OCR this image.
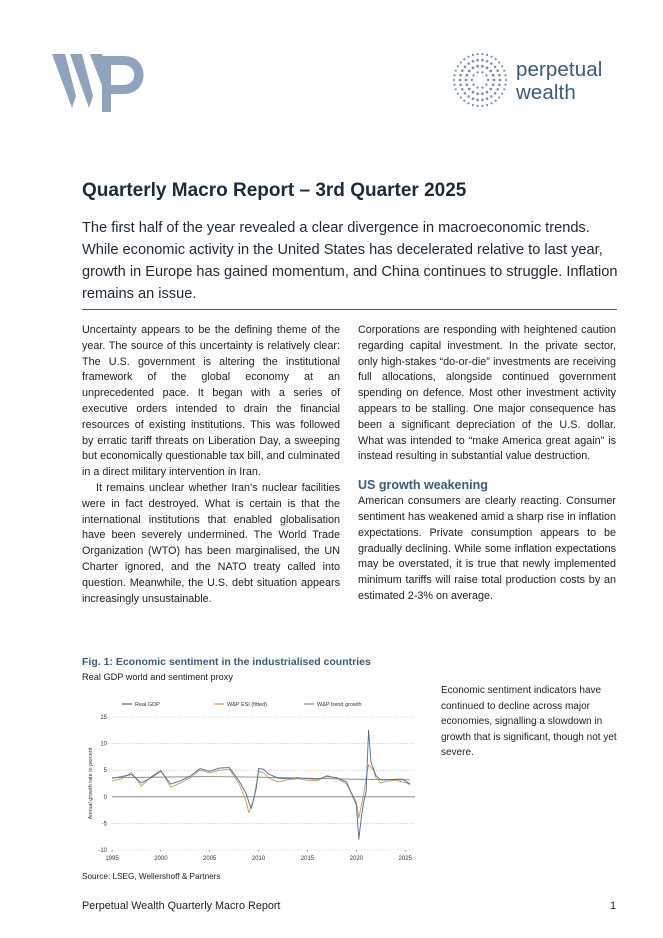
perpetual
wealth
Quarterly Macro Report – 3rd Quarter 2025
The first half of the year revealed a clear divergence in macroeconomic trends. While economic activity in the United States has decelerated relative to last year, growth in Europe has gained momentum, and China continues to struggle. Inflation remains an issue.

Uncertainty appears to be the defining theme of the year. The source of this uncertainty is relatively clear: The U.S. government is altering the institutional framework of the global economy at an unprecedented pace. It began with a series of executive orders intended to drain the financial resources of existing institutions. This was followed by erratic tariff threats on Liberation Day, a sweeping but economically questionable tax bill, and culminated in a direct military intervention in Iran.

It remains unclear whether Iran’s nuclear facilities were in fact destroyed. What is certain is that the international institutions that enabled globalisation have been severely undermined. The World Trade Organization (WTO) has been marginalised, the UN Charter ignored, and the NATO treaty called into question. Meanwhile, the U.S. debt situation appears increasingly unsustainable.

Corporations are responding with heightened caution regarding capital investment. In the private sector, only high-stakes “do-or-die” investments are receiving full allocations, alongside continued government spending on defence. Most other investment activity appears to be stalling. One major consequence has been a significant depreciation of the U.S. dollar. What was intended to “make America great again” is instead resulting in substantial value destruction.

US growth weakening

American consumers are clearly reacting. Consumer sentiment has weakened amid a sharp rise in inflation expectations. Private consumption appears to be gradually declining. While some inflation expectations may be overstated, it is true that newly implemented minimum tariffs will raise total production costs by an estimated 2-3% on average.

Fig. 1: Economic sentiment in the industrialised countries
Real GDP world and sentiment proxy
15
10
5
0
-5
-10
1995	2000	2005	2010	2015	2020	2025
Annual growth rate in percent
Real GDP	W&P ESI (fitted)	W&P trend growth
Source: LSEG, Wellershoff & Partners
Economic sentiment indicators have continued to decline across major economies, signalling a slowdown in growth that is significant, though not yet severe.
Perpetual Wealth Quarterly Macro Report	1
